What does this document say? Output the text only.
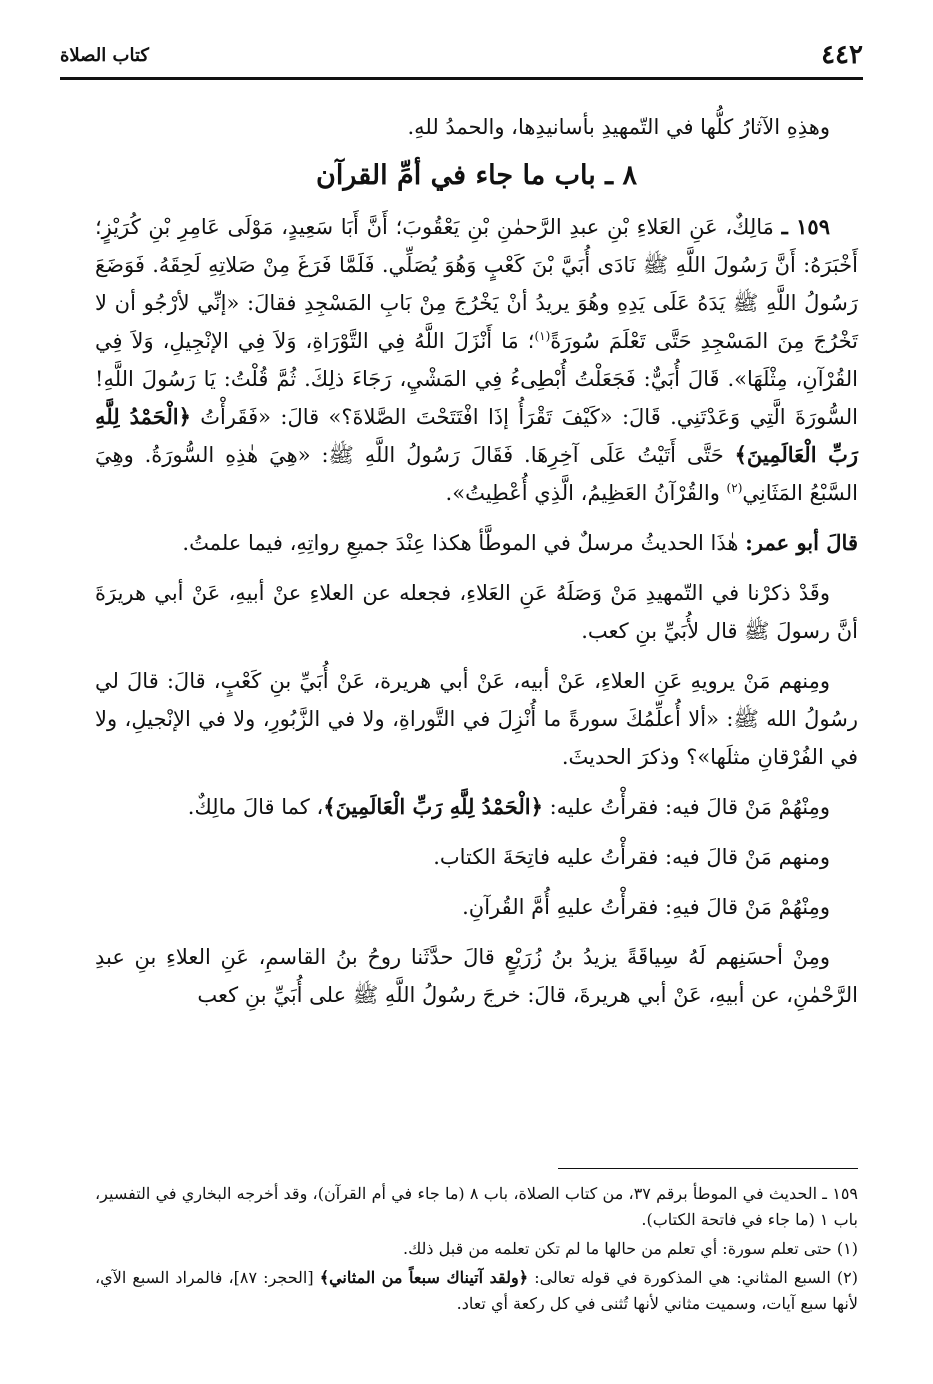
٤٤٢
كتاب الصلاة

وهذِهِ الآثارُ كلُّها في التّمهيدِ بأسانيدِها، والحمدُ للهِ.

٨ ـ باب ما جاء في أمِّ القرآن

١٥٩ ـ مَالِكٌ، عَنِ العَلاءِ بْنِ عبدِ الرَّحمٰنِ بْنِ يَعْقُوبَ؛ أَنَّ أَبَا سَعِيدٍ، مَوْلَى عَامِرِ بْنِ كُرَيْزٍ؛ أَخْبَرَهُ: أَنَّ رَسُولَ اللَّهِ ﷺ نَادَى أُبَيَّ بْنَ كَعْبٍ وَهُوَ يُصَلِّي. فَلَمَّا فَرَغَ مِنْ صَلاتِهِ لَحِقَهُ. فَوَضَعَ رَسُولُ اللَّهِ ﷺ يَدَهُ عَلَى يَدِهِ وهُوَ يريدُ أنْ يَخْرُجَ مِنْ بَابِ المَسْجِدِ فقالَ: «إنِّي لأرْجُو أن لا تَخْرُجَ مِنَ المَسْجِدِ حَتَّى تَعْلَمَ سُورَةً$^{(١)}$؛ مَا أَنْزَلَ اللَّهُ فِي التَّوْرَاةِ، وَلاَ فِي الإنْجِيلِ، وَلاَ فِي القُرْآنِ، مِثْلَهَا». قَالَ أُبَيٌّ: فَجَعَلْتُ أُبْطِىءُ فِي المَشْيِ، رَجَاءَ ذلِكَ. ثُمَّ قُلْتُ: يَا رَسُولَ اللَّهِ! السُّورَةَ الَّتِي وَعَدْتَنِي. قَالَ: «كَيْفَ تَقْرَأُ إذَا افْتَتَحْتَ الصَّلاةَ؟» قالَ: «فَقَرأْتُ ﴿الْحَمْدُ لِلَّهِ رَبِّ الْعَالَمِينَ﴾ حَتَّى أَتَيْتُ عَلَى آخِرِهَا. فَقَالَ رَسُولُ اللَّهِ ﷺ: «هِيَ هٰذِهِ السُّورَةُ. وهِيَ السَّبْعُ المَثَانِي$^{(٢)}$ والقُرْآنُ العَظِيمُ، الَّذِي أُعْطِيتُ».

قالَ أبو عمر: هٰذَا الحديثُ مرسلٌ في الموطَّأ هكذا عِنْدَ جميعِ رواتِهِ، فيما علمتُ.

وقَدْ ذكرْنا في التّمهيدِ مَنْ وَصَلَهُ عَنِ العَلاءِ، فجعله عن العلاءِ عنْ أبيهِ، عَنْ أبي هريرَةَ أنَّ رسولَ ﷺ قال لأُبَيِّ بنِ كعب.

ومِنهم مَنْ يرويهِ عَنِ العلاءِ، عَنْ أبيه، عَنْ أبي هريرة، عَنْ أُبَيِّ بنِ كَعْبٍ، قالَ: قالَ لي رسُولُ الله ﷺ: «ألا أُعلِّمُكَ سورةً ما أُنْزِلَ في التَّوراةِ، ولا في الزَّبُورِ، ولا في الإنْجيلِ، ولا في الفُرْقانِ مثلَها»؟ وذكرَ الحديثَ.

ومِنْهُمْ مَنْ قالَ فيه: فقرأْتُ عليه: ﴿الْحَمْدُ لِلَّهِ رَبِّ الْعَالَمِينَ﴾، كما قالَ مالِكٌ.

ومنهم مَنْ قالَ فيه: فقرأْتُ عليه فاتِحَةَ الكتاب.

ومِنْهُمْ مَنْ قالَ فيهِ: فقرأْتُ عليهِ أُمَّ القُرآنِ.

ومِنْ أحسَنِهم لَهُ سِياقَةً يزيدُ بنُ زُرَيْعٍ قالَ حدَّثَنا روحُ بنُ القاسمِ، عَنِ العلاءِ بنِ عبدِ الرَّحْمٰنِ، عن أبيهِ، عَنْ أبي هريرةَ، قالَ: خرجَ رسُولُ اللَّهِ ﷺ على أُبَيِّ بنِ كعب

١٥٩ ـ الحديث في الموطأ برقم ٣٧، من كتاب الصلاة، باب ٨ (ما جاء في أم القرآن)، وقد أخرجه البخاري في التفسير، باب ١ (ما جاء في فاتحة الكتاب).

(١) حتى تعلم سورة: أي تعلم من حالها ما لم تكن تعلمه من قبل ذلك.

(٢) السبع المثاني: هي المذكورة في قوله تعالى: ﴿ولقد آتيناك سبعاً من المثاني﴾ [الحجر: ٨٧]، فالمراد السبع الآي، لأنها سبع آيات، وسميت مثاني لأنها تُثنى في كل ركعة أي تعاد.
